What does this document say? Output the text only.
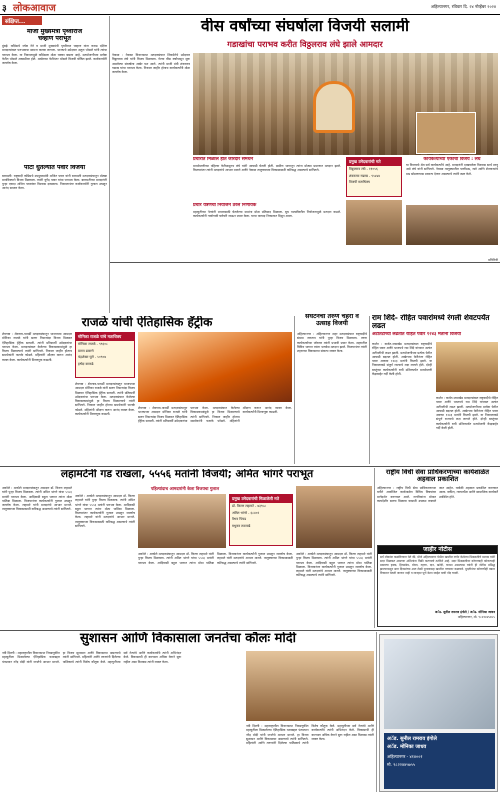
३ लोकआवाज	अहिल्यानगर, रविवार दि. २४ नोव्हेंबर २०२४
संक्षिप्त...
माजी मुख्यमंत्री पृथ्वीराज
चव्हाण पराभूत
मुंबई: काँग्रेसचे ज्येष्ठ नेते व माजी मुख्यमंत्री पृथ्वीराज चव्हाण यांना कराड दक्षिण मतदारसंघात पराभवाचा सामना करावा लागला. भाजपचे उमेदवार अतुल भोसले यांनी त्यांचा पराभव केला. या निकालामुळे काँग्रेसला मोठा धक्का बसला आहे. मतमोजणीच्या प्रत्येक फेरीत भोसले आघाडीवर होते. अखेरच्या फेरीनंतर भोसले विजयी घोषित झाले. कार्यकर्त्यांनी जल्लोष केला.
पाटी धुतल्यात पवार विजयी
बारामती: राष्ट्रवादी काँग्रेसचे उपमुख्यमंत्री अजित पवार यांनी बारामती मतदारसंघातून मोठ्या मताधिक्याने विजय मिळवला. त्यांनी युगेंद्र पवार यांचा पराभव केला. बारामतीच्या मतदारांनी पुन्हा एकदा अजित पवारांवर विश्वास दाखवला. निकालानंतर कार्यकर्त्यांनी गुलाल उधळून आनंद साजरा केला.
वीस वर्षांच्या संघर्षाला विजयी सलामी
गडाखांचा पराभव करीत विठ्ठलराव लंघे झाले आमदार
नेवासा : नेवासा विधानसभा मतदारसंघात शिवसेनेचे उमेदवार विठ्ठलराव लंघे यांनी विजय मिळवला. गेल्या वीस वर्षांपासून सुरू असलेल्या संघर्षाला अखेर यश आले. त्यांनी माजी मंत्री शंकरराव गडाख यांचा पराभव केला. निकाल जाहीर होताच कार्यकर्त्यांनी मोठा जल्लोष केला.
प्रचारात मिळाले होते जोरदार समर्थन
मतमोजणीच्या पहिल्या फेरीपासूनच लंघे यांनी आघाडी घेतली होती. ग्रामीण भागातून त्यांना मोठ्या प्रमाणात मतदान झाले. विजयानंतर त्यांनी मतदारांचे आभार मानले आणि नेवासा तालुक्याच्या विकासासाठी कटिबद्ध असल्याचे सांगितले.
प्रचार यंत्रणेचा नियोजन ठरले निर्णायक
महायुतीच्या नेत्यांनी प्रचारासाठी घेतलेल्या सभांना मोठा प्रतिसाद मिळाला. बूथ पातळीवरील नियोजनामुळे मतदान वाढले. कार्यकर्त्यांनी गावोगावी घरोघरी जाऊन प्रचार केला. याचा फायदा निकालात दिसून आला.
प्रमुख उमेदवारांची मते
विठ्ठलराव लंघे - ११०५६
शंकरराव गडाख - ९५४४४
विजयी मताधिक्य
कार्यकर्त्यांच्या एकीचा विजय : लंघे
या विजयाचे श्रेय सर्व कार्यकर्त्यांचे आहे. मतदारांनी दाखवलेला विश्वास सार्थ ठरवू असे लंघे यांनी सांगितले. नेवासा तालुक्यातील पाणीप्रश्न, रस्ते आणि शेतकऱ्यांचे प्रश्न सोडवण्यास प्राधान्य देणार असल्याचे त्यांनी स्पष्ट केले.
प्रतिनिधी
राजळे यांची ऐतिहासिक हॅट्रीक
शेवगाव : शेवगाव-पाथर्डी मतदारसंघातून भाजपच्या आमदार मोनिका राजळे यांनी सलग तिसऱ्यांदा विजय मिळवत ऐतिहासिक हॅट्रीक साधली. त्यांनी प्रतिस्पर्धी उमेदवारांचा पराभव केला. मतदारसंघात केलेल्या विकासकामांमुळे हा विजय मिळाल्याचे त्यांनी सांगितले. निकाल जाहीर होताच समर्थकांनी फटाके फोडले. महिलांनी औक्षण करून आनंद व्यक्त केला. कार्यकर्त्यांनी मिरवणूक काढली.
मोनिका राजळे यांचे मताधिक्य
मोनिका राजळे - ९९६०८
प्रताप ढाकणे
चंद्रशेखर घुले - ५०९०७
हर्षदा काकडे
शेवगाव : शेवगाव-पाथर्डी मतदारसंघातून भाजपच्या आमदार मोनिका राजळे यांनी सलग तिसऱ्यांदा विजय मिळवत ऐतिहासिक हॅट्रीक साधली. त्यांनी प्रतिस्पर्धी उमेदवारांचा पराभव केला. मतदारसंघात केलेल्या विकासकामांमुळे हा विजय मिळाल्याचे त्यांनी सांगितले. निकाल जाहीर होताच समर्थकांनी फटाके फोडले. महिलांनी औक्षण करून आनंद व्यक्त केला. कार्यकर्त्यांनी मिरवणूक काढली.
शेवगाव : शेवगाव-पाथर्डी मतदारसंघातून भाजपच्या आमदार मोनिका राजळे यांनी सलग तिसऱ्यांदा विजय मिळवत ऐतिहासिक हॅट्रीक साधली. त्यांनी प्रतिस्पर्धी उमेदवारांचा पराभव केला. मतदारसंघात केलेल्या विकासकामांमुळे हा विजय मिळाल्याचे त्यांनी सांगितले. निकाल जाहीर होताच समर्थकांनी फटाके फोडले. महिलांनी औक्षण करून आनंद व्यक्त केला. कार्यकर्त्यांनी मिरवणूक काढली.
संघटनेचा तरुण चेहरा व उत्साह विजयी
अहिल्यानगर : अहिल्यानगर शहर मतदारसंघात राष्ट्रवादीचे संग्राम जगताप यांनी पुन्हा विजय मिळवला. तरुण कार्यकर्त्यांच्या जोरावर त्यांनी प्रभावी प्रचार केला. शहरातील विविध भागात त्यांना भरघोस मतदान झाले. विजयानंतर त्यांनी शहराच्या विकासाचा संकल्प व्यक्त केला.
राम शिंदे- रोहित पवारांमध्ये रंगली शेवटपर्यंत लढत
अटीतटीच्या लढतीत रोहित पवार १२४३ मतांनी विजयी
कर्जत : कर्जत-जामखेड मतदारसंघात राष्ट्रवादीचे रोहित पवार आणि भाजपचे राम शिंदे यांच्यात अत्यंत अटीतटीची लढत झाली. मतमोजणीच्या प्रत्येक फेरीत आघाडी बदलत होती. अखेरच्या फेरीनंतर रोहित पवार अवघ्या १२४३ मतांनी विजयी झाले. या निकालाकडे संपूर्ण राज्याचे लक्ष लागले होते. दोन्ही बाजूंच्या कार्यकर्त्यांनी रात्री उशिरापर्यंत मतमोजणी केंद्राबाहेर गर्दी केली होती.
कर्जत : कर्जत-जामखेड मतदारसंघात राष्ट्रवादीचे रोहित पवार आणि भाजपचे राम शिंदे यांच्यात अत्यंत अटीतटीची लढत झाली. मतमोजणीच्या प्रत्येक फेरीत आघाडी बदलत होती. अखेरच्या फेरीनंतर रोहित पवार अवघ्या १२४३ मतांनी विजयी झाले. या निकालाकडे संपूर्ण राज्याचे लक्ष लागले होते. दोन्ही बाजूंच्या कार्यकर्त्यांनी रात्री उशिरापर्यंत मतमोजणी केंद्राबाहेर गर्दी केली होती.
लहामटेंनी गड राखला, ५५५६ मतांनी विजयी; अमित भांगरे पराभूत
अकोले : अकोले मतदारसंघातून आमदार डॉ. किरण लहामटे यांनी पुन्हा विजय मिळवला. त्यांनी अमित भांगरे यांचा ५५५६ मतांनी पराभव केला. आदिवासी बहुल भागात त्यांना मोठा पाठिंबा मिळाला. विजयानंतर कार्यकर्त्यांनी गुलाल उधळून जल्लोष केला. लहामटे यांनी मतदारांचे आभार मानले. तालुक्याच्या विकासासाठी कटिबद्ध असल्याचे त्यांनी सांगितले.
पहिल्यांदाच आमदारांनी केला विजयचा गुलाल
अकोले : अकोले मतदारसंघातून आमदार डॉ. किरण लहामटे यांनी पुन्हा विजय मिळवला. त्यांनी अमित भांगरे यांचा ५५५६ मतांनी पराभव केला. आदिवासी बहुल भागात त्यांना मोठा पाठिंबा मिळाला. विजयानंतर कार्यकर्त्यांनी गुलाल उधळून जल्लोष केला. लहामटे यांनी मतदारांचे आभार मानले. तालुक्याच्या विकासासाठी कटिबद्ध असल्याचे त्यांनी सांगितले.
प्रमुख उमेदवारांची मिळालेली मते
डॉ. किरण लहामटे - ७३९५८
अमित भांगरे - ६८४०२
वैभव पिचड
मधुकर तळपाडे
अकोले : अकोले मतदारसंघातून आमदार डॉ. किरण लहामटे यांनी पुन्हा विजय मिळवला. त्यांनी अमित भांगरे यांचा ५५५६ मतांनी पराभव केला. आदिवासी बहुल भागात त्यांना मोठा पाठिंबा मिळाला. विजयानंतर कार्यकर्त्यांनी गुलाल उधळून जल्लोष केला. लहामटे यांनी मतदारांचे आभार मानले. तालुक्याच्या विकासासाठी कटिबद्ध असल्याचे त्यांनी सांगितले.
अकोले : अकोले मतदारसंघातून आमदार डॉ. किरण लहामटे यांनी पुन्हा विजय मिळवला. त्यांनी अमित भांगरे यांचा ५५५६ मतांनी पराभव केला. आदिवासी बहुल भागात त्यांना मोठा पाठिंबा मिळाला. विजयानंतर कार्यकर्त्यांनी गुलाल उधळून जल्लोष केला. लहामटे यांनी मतदारांचे आभार मानले. तालुक्याच्या विकासासाठी कटिबद्ध असल्याचे त्यांनी सांगितले.
राष्ट्रीय विधी सेवा प्राधिकरणाच्या कार्यशाळेत अहवाल प्रकाशित
अहिल्यानगर : राष्ट्रीय विधी सेवा प्राधिकरणाच्या वतीने आयोजित कार्यशाळेत विविध विषयांवर मार्गदर्शन करण्यात आले. नागरिकांना मोफत कायदेशीर सल्ला मिळावा यासाठी उपक्रम राबवले जात आहेत. यावेळी अहवाल प्रकाशित करण्यात आला. वकील, न्यायाधीश आणि सामाजिक कार्यकर्ते उपस्थित होते.
जाहीर नोटीस
सर्व लोकांना कळविण्यात येते की, मौजे अहिल्यानगर येथील खालील वर्णन केलेल्या मिळकतीचे मालक यांनी सदर मिळकत आमच्या अशिलांना विक्री करण्याचे ठरविले आहे. सदर मिळकतीवर कोणाचाही कोणत्याही प्रकारचा हक्क, हितसंबंध, बोजा, गहाण, दान, खरेदी, वारसा असल्यास त्यांनी ही नोटीस प्रसिद्ध झाल्यापासून सात दिवसांच्या आत लेखी पुराव्यासह खालील पत्त्यावर कळवावे. मुदतीनंतर कोणाचीही तक्रार विचारात घेतली जाणार नाही व व्यवहार पूर्ण केला जाईल याची नोंद घ्यावी.
अॅड. सुनील रामराव इंगोले / अॅड. मोनिका जाधव
अहिल्यानगर, मो. ९८२२४४५७५५
सुशासन आणि विकासाला जनतेचा कौलः मोदी
नवी दिल्ली : महाराष्ट्रातील विधानसभा निवडणुकीत महायुतीला मिळालेल्या ऐतिहासिक यशाबद्दल पंतप्रधान नरेंद्र मोदी यांनी जनतेचे आभार मानले. हा विजय सुशासन आणि विकासाचा असल्याचे त्यांनी सांगितले. महिलांनी आणि तरुणांनी दिलेल्या पाठिंब्याचे त्यांनी विशेष कौतुक केले. महायुतीच्या सर्व नेत्यांचे आणि कार्यकर्त्यांचे त्यांनी अभिनंदन केले. विकासाची ही वाटचाल अधिक वेगाने सुरू राहील असा विश्वास त्यांनी व्यक्त केला.
नवी दिल्ली : महाराष्ट्रातील विधानसभा निवडणुकीत महायुतीला मिळालेल्या ऐतिहासिक यशाबद्दल पंतप्रधान नरेंद्र मोदी यांनी जनतेचे आभार मानले. हा विजय सुशासन आणि विकासाचा असल्याचे त्यांनी सांगितले. महिलांनी आणि तरुणांनी दिलेल्या पाठिंब्याचे त्यांनी विशेष कौतुक केले. महायुतीच्या सर्व नेत्यांचे आणि कार्यकर्त्यांचे त्यांनी अभिनंदन केले. विकासाची ही वाटचाल अधिक वेगाने सुरू राहील असा विश्वास त्यांनी व्यक्त केला.	अॅड. सुनील रामराव इंगोले
अॅड. मोनिका जाधव
अहिल्यानगर - ४१४००१
मो. ९८२२४४५७५५
